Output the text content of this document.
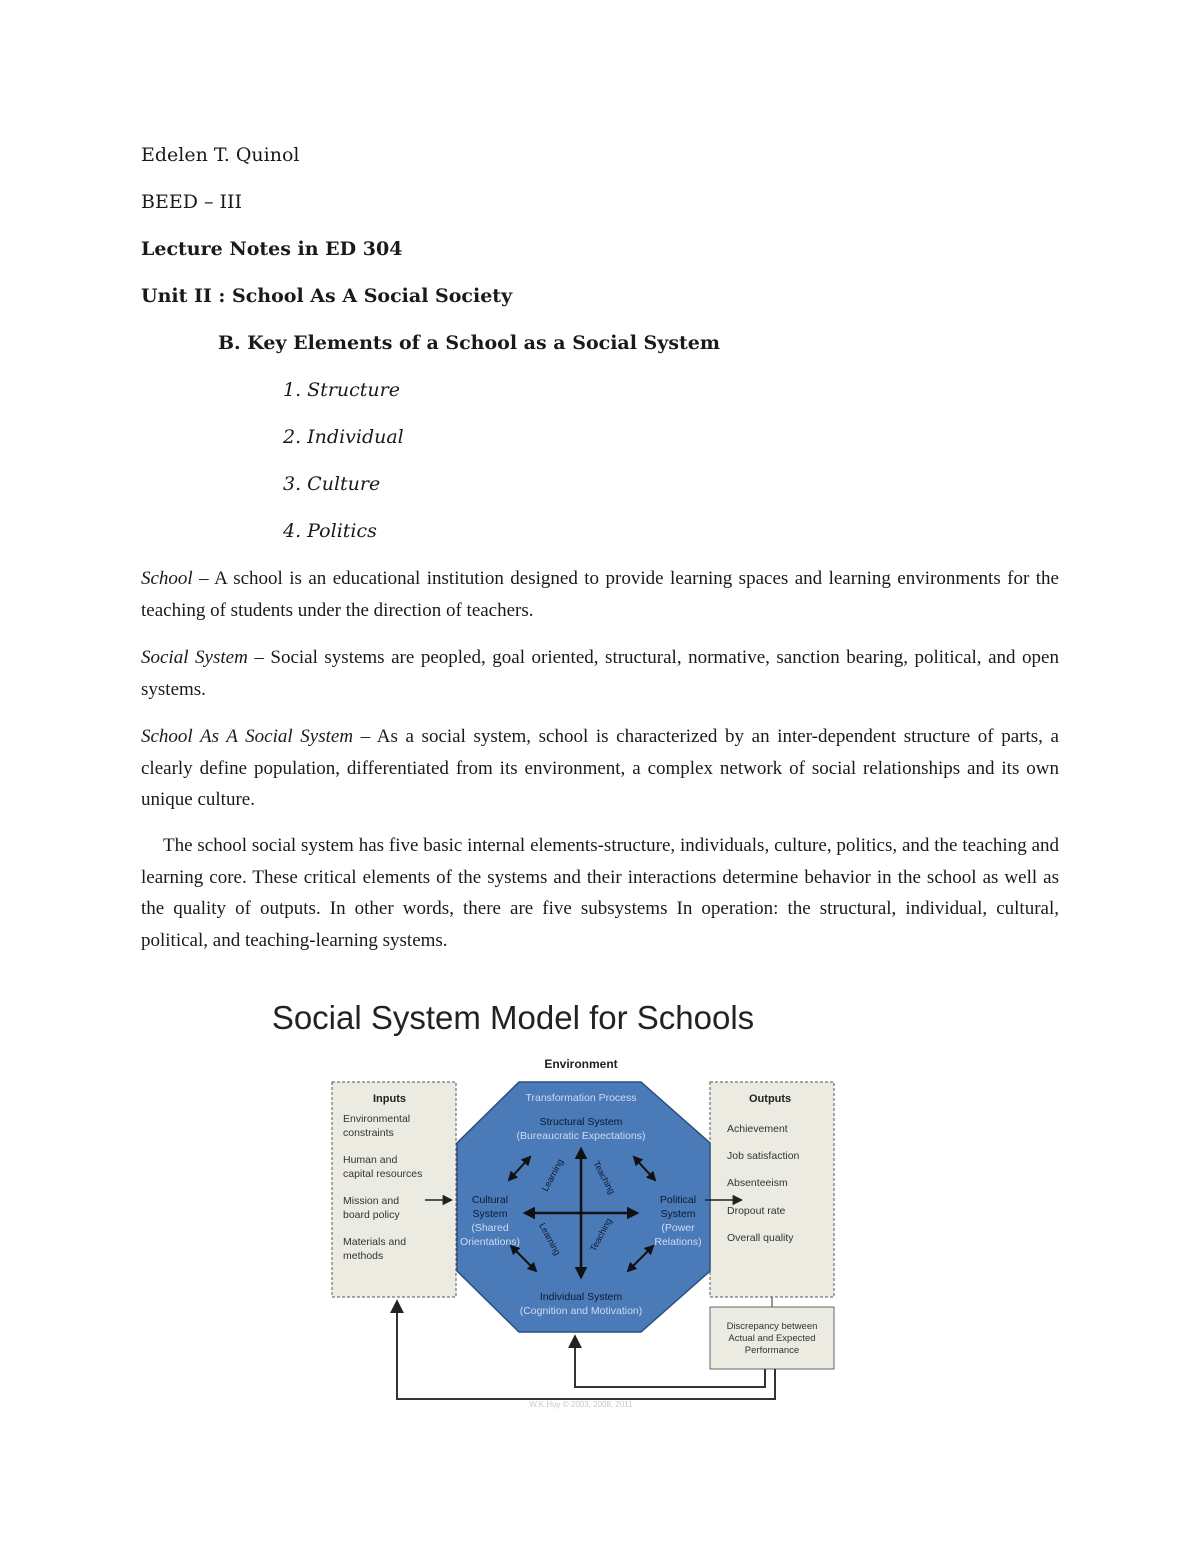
Edelen T. Quinol
BEED – III
Lecture Notes in ED 304
Unit II : School As A Social Society
B. Key Elements of a School as a Social System
1. Structure
2. Individual
3. Culture
4. Politics
School – A school is an educational institution designed to provide learning spaces and learning environments for the teaching of students under the direction of teachers.
Social System – Social systems are peopled, goal oriented, structural, normative, sanction bearing, political, and open systems.
School As A Social System – As a social system, school is characterized by an inter-dependent structure of parts, a clearly define population, differentiated from its environment, a complex network of social relationships and its own unique culture.
The school social system has five basic internal elements-structure, individuals, culture, politics, and the teaching and learning core. These critical elements of the systems and their interactions determine behavior in the school as well as the quality of outputs. In other words, there are five subsystems In operation: the structural, individual, cultural, political, and teaching-learning systems.
Social System Model for Schools
Environment
Inputs
Environmental
constraints
Human and
capital resources
Mission and
board policy
Materials and
methods
Outputs
Achievement
Job satisfaction
Absenteeism
Dropout rate
Overall quality
Transformation Process
Structural System
(Bureaucratic Expectations)
Individual System
(Cognition and Motivation)
Cultural
System
(Shared
Orientations)
Political
System
(Power
Relations)
Learning	Teaching
Learning	Teaching
Discrepancy between
Actual and Expected
Performance
W.K.Hoy © 2003, 2008, 2011
